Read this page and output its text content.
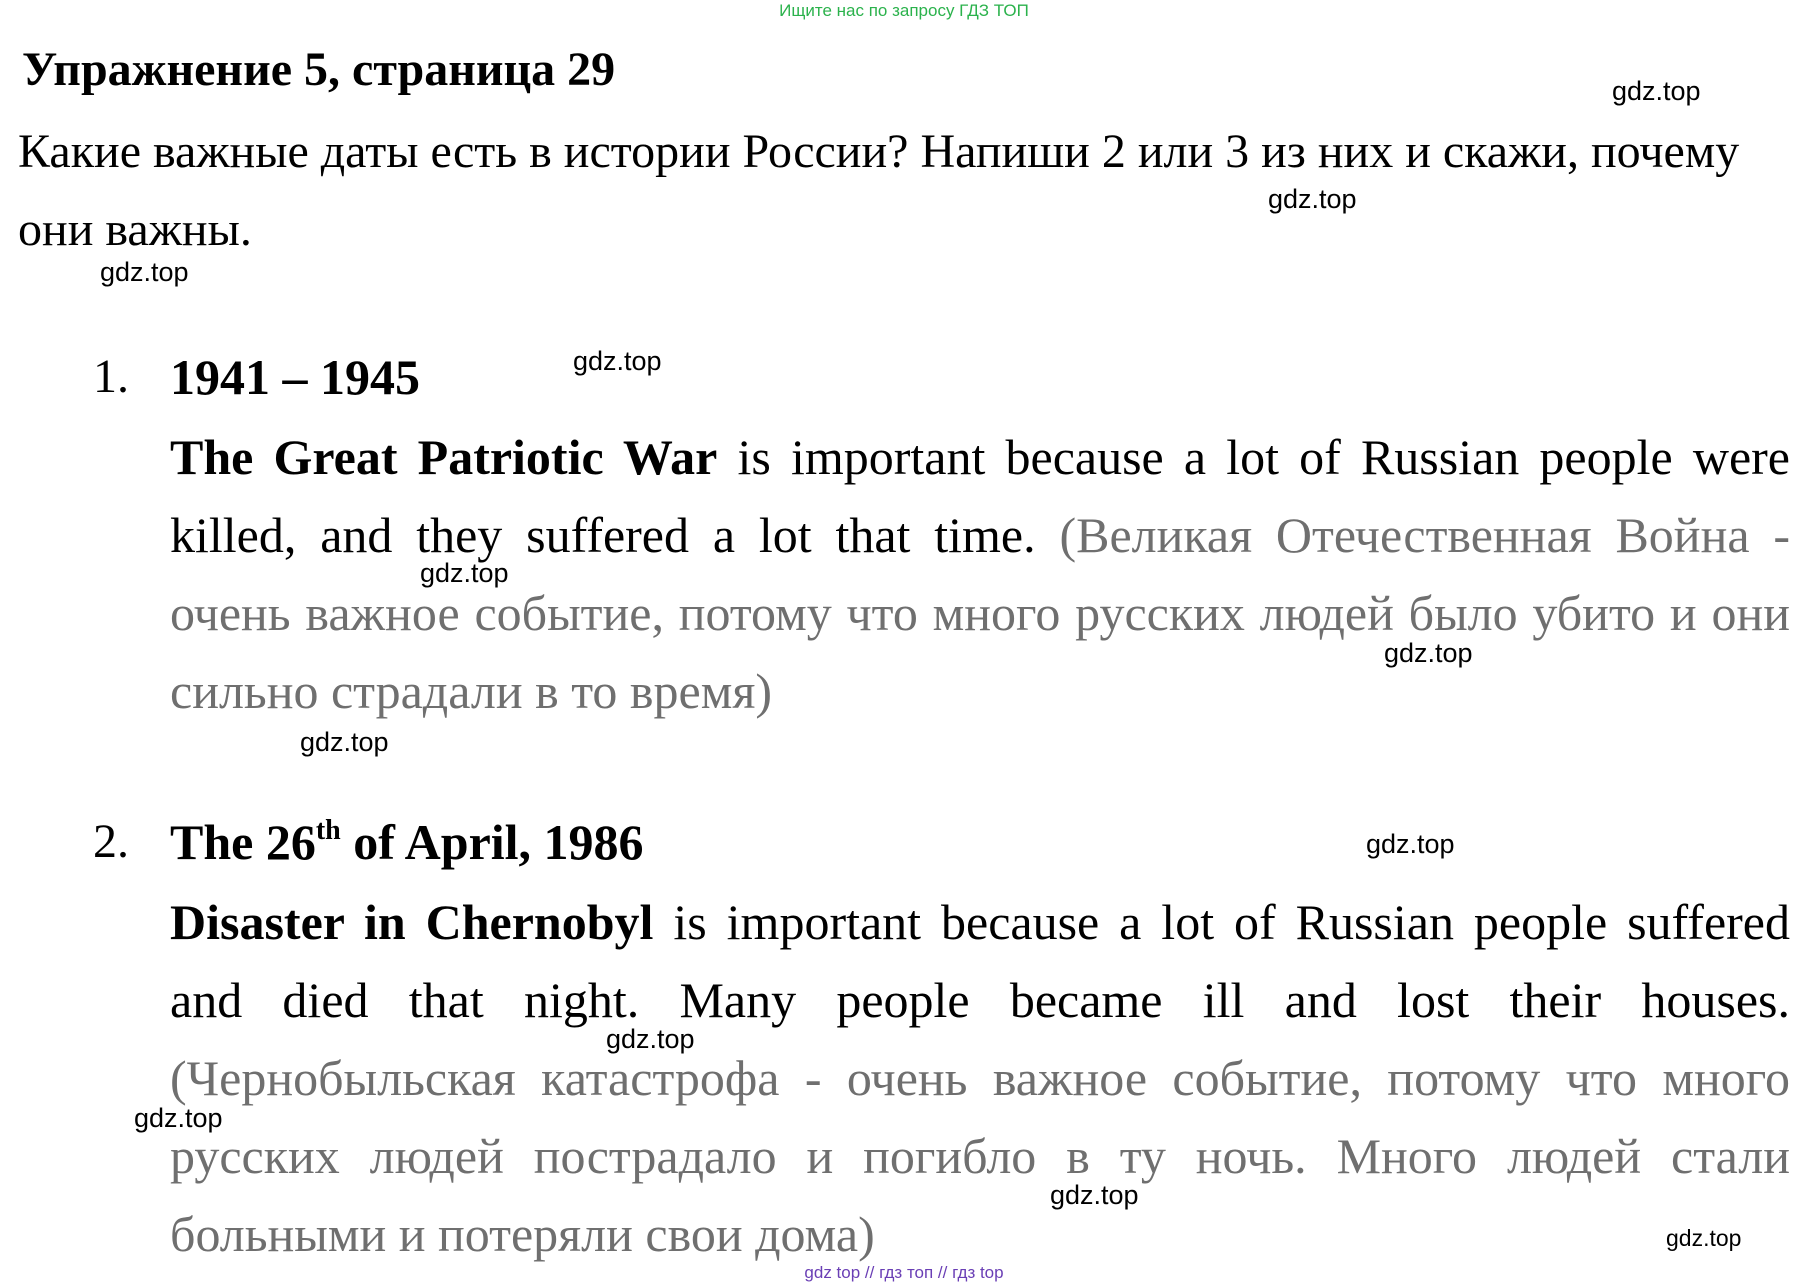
Ищите нас по запросу ГДЗ ТОП
Упражнение 5, страница 29
Какие важные даты есть в истории России? Напиши 2 или 3 из них и скажи, почему они важны.
1. 1941 – 1945
The Great Patriotic War is important because a lot of Russian people were killed, and they suffered a lot that time. (Великая Отечественная Война - очень важное событие, потому что много русских людей было убито и они сильно страдали в то время)
2. The 26th of April, 1986
Disaster in Chernobyl is important because a lot of Russian people suffered and died that night. Many people became ill and lost their houses. (Чернобыльская катастрофа - очень важное событие, потому что много русских людей пострадало и погибло в ту ночь. Много людей стали больными и потеряли свои дома)
gdz.top
gdz.top
gdz.top
gdz.top
gdz.top
gdz.top
gdz.top
gdz.top
gdz.top
gdz.top
gdz.top
gdz.top
gdz top // гдз топ // гдз top
